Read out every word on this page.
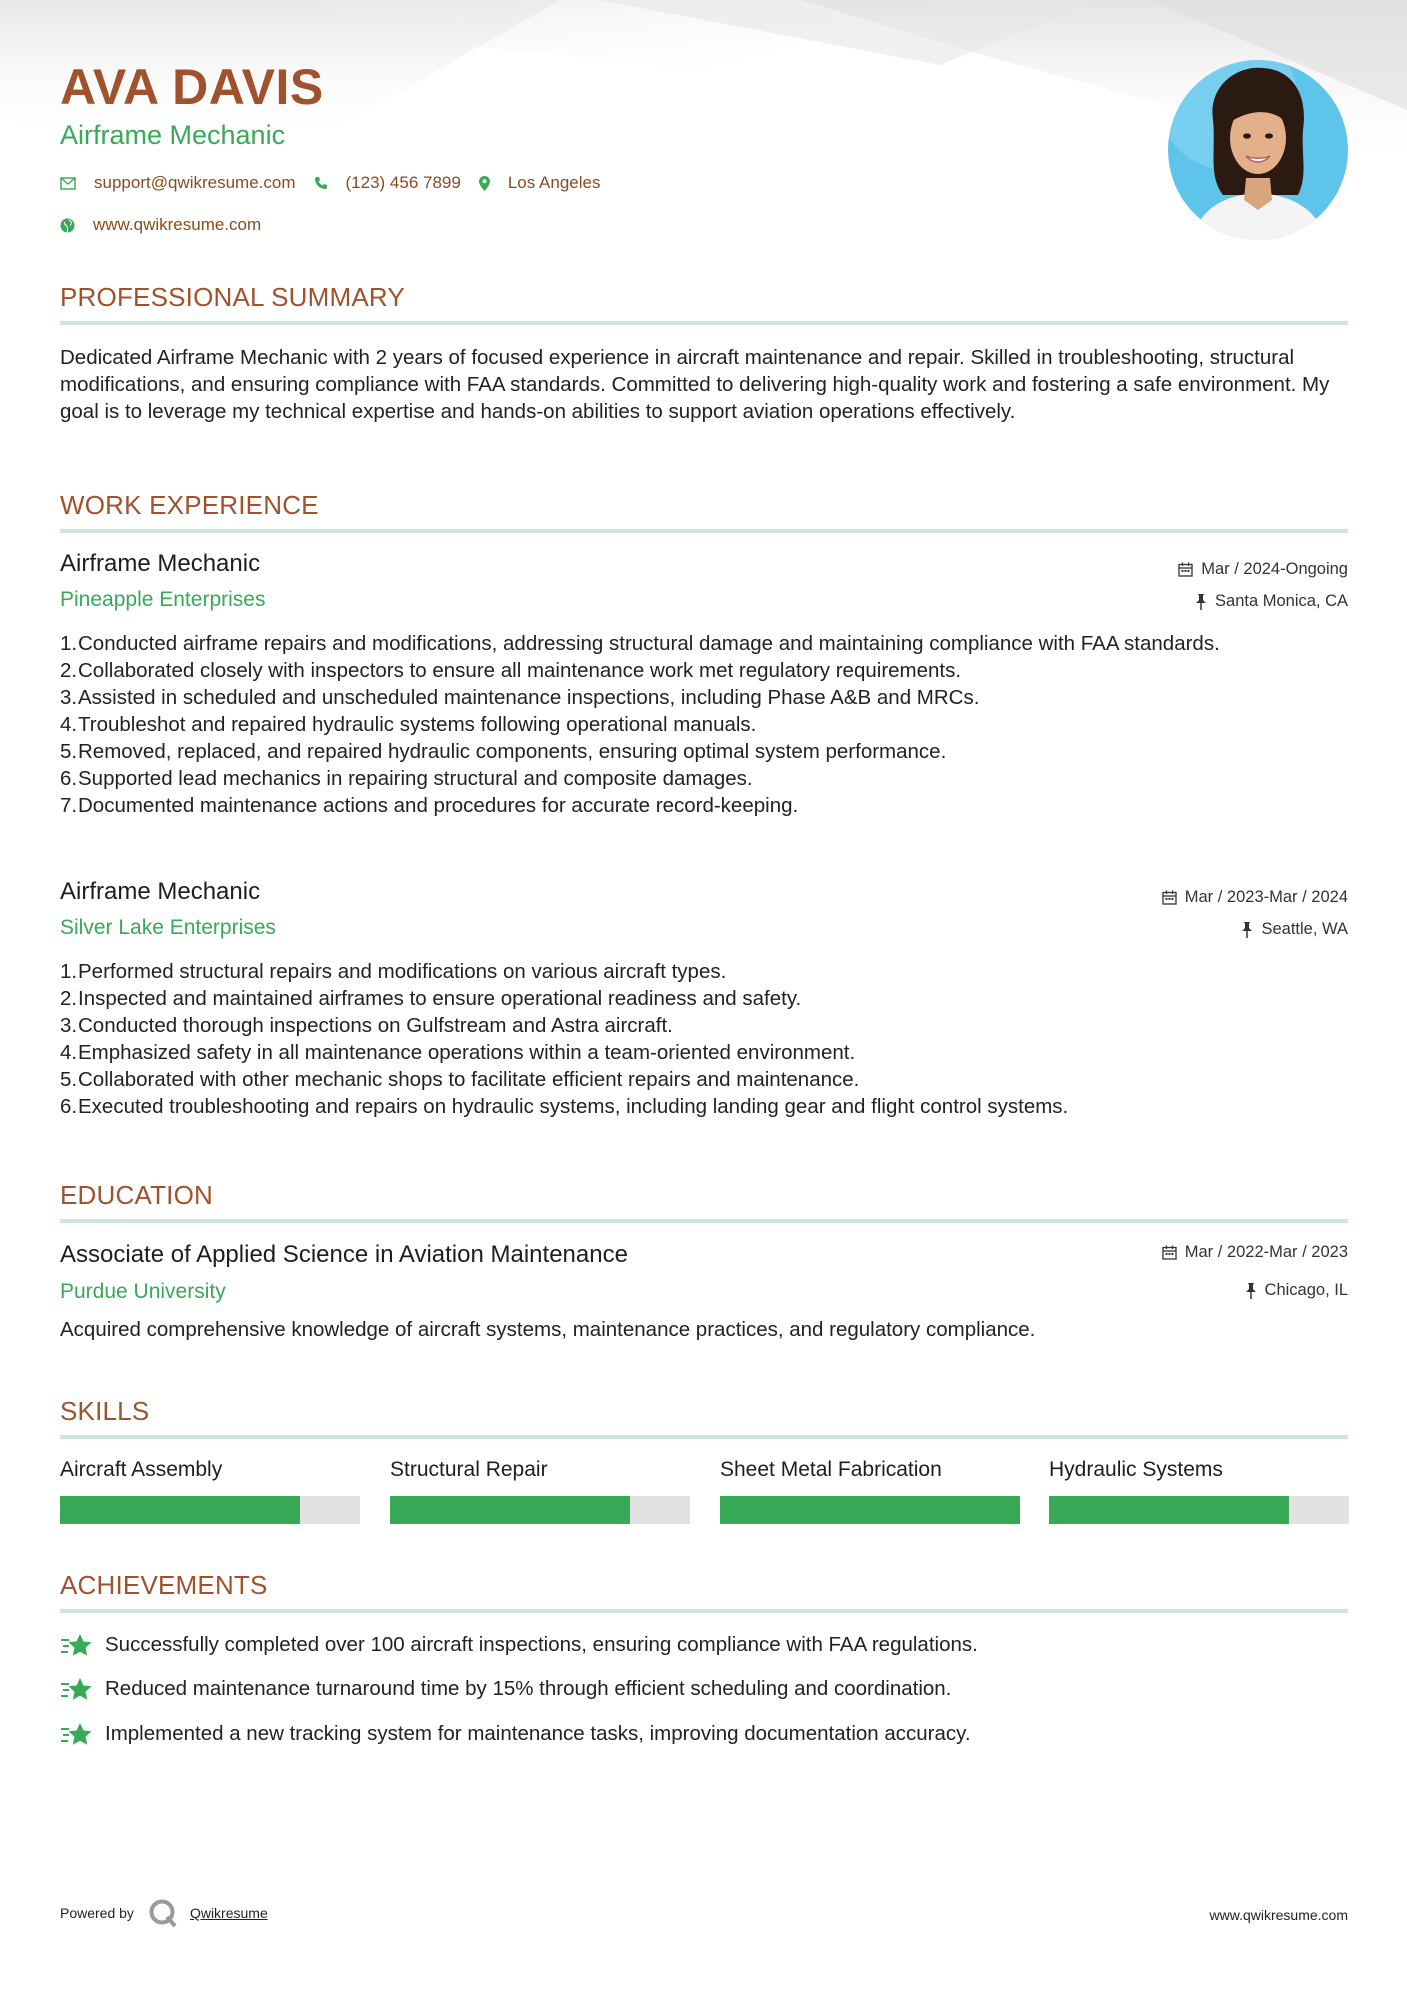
AVA DAVIS
Airframe Mechanic
support@qwikresume.com	(123) 456 7899	Los Angeles
www.qwikresume.com
PROFESSIONAL SUMMARY
Dedicated Airframe Mechanic with 2 years of focused experience in aircraft maintenance and repair. Skilled in troubleshooting, structural modifications, and ensuring compliance with FAA standards. Committed to delivering high-quality work and fostering a safe environment. My goal is to leverage my technical expertise and hands-on abilities to support aviation operations effectively.
WORK EXPERIENCE
Airframe Mechanic	Mar / 2024-Ongoing
Pineapple Enterprises	Santa Monica, CA
1. Conducted airframe repairs and modifications, addressing structural damage and maintaining compliance with FAA standards.
2. Collaborated closely with inspectors to ensure all maintenance work met regulatory requirements.
3. Assisted in scheduled and unscheduled maintenance inspections, including Phase A&B and MRCs.
4. Troubleshot and repaired hydraulic systems following operational manuals.
5. Removed, replaced, and repaired hydraulic components, ensuring optimal system performance.
6. Supported lead mechanics in repairing structural and composite damages.
7. Documented maintenance actions and procedures for accurate record-keeping.
Airframe Mechanic	Mar / 2023-Mar / 2024
Silver Lake Enterprises	Seattle, WA
1. Performed structural repairs and modifications on various aircraft types.
2. Inspected and maintained airframes to ensure operational readiness and safety.
3. Conducted thorough inspections on Gulfstream and Astra aircraft.
4. Emphasized safety in all maintenance operations within a team-oriented environment.
5. Collaborated with other mechanic shops to facilitate efficient repairs and maintenance.
6. Executed troubleshooting and repairs on hydraulic systems, including landing gear and flight control systems.
EDUCATION
Associate of Applied Science in Aviation Maintenance	Mar / 2022-Mar / 2023
Purdue University	Chicago, IL
Acquired comprehensive knowledge of aircraft systems, maintenance practices, and regulatory compliance.
SKILLS
Aircraft Assembly	Structural Repair	Sheet Metal Fabrication	Hydraulic Systems
ACHIEVEMENTS
Successfully completed over 100 aircraft inspections, ensuring compliance with FAA regulations.
Reduced maintenance turnaround time by 15% through efficient scheduling and coordination.
Implemented a new tracking system for maintenance tasks, improving documentation accuracy.
Powered by	Qwikresume	www.qwikresume.com
